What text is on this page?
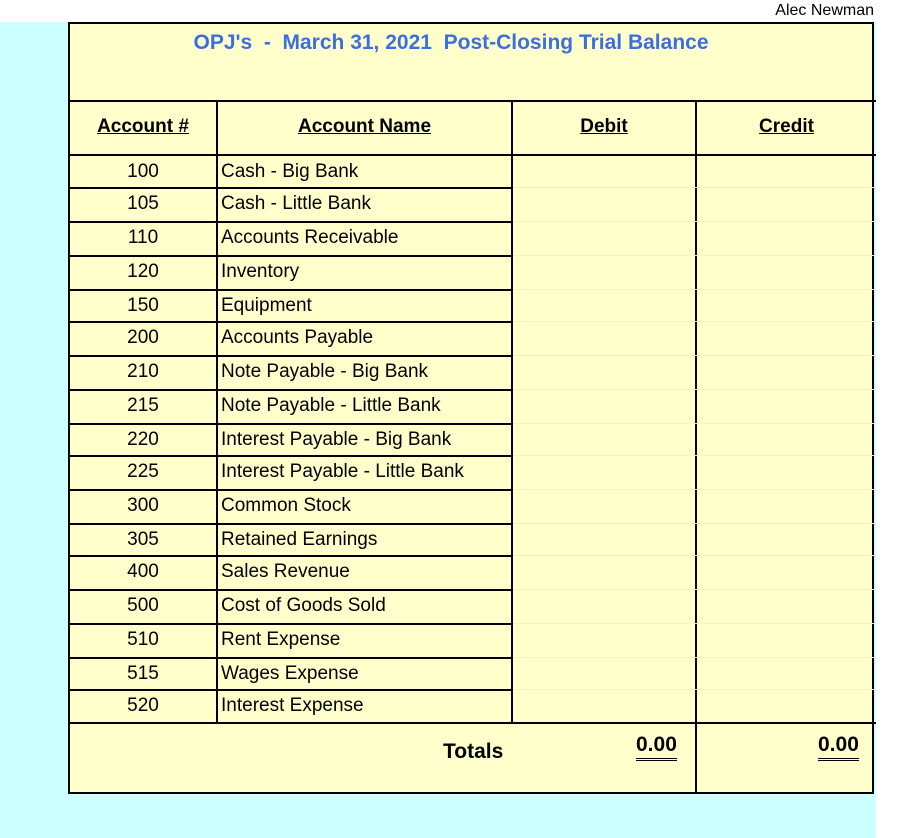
Alec Newman
OPJ's  -  March 31, 2021  Post-Closing Trial Balance
Account #	Account Name	Debit	Credit
100	Cash - Big Bank
105	Cash - Little Bank
110	Accounts Receivable
120	Inventory
150	Equipment
200	Accounts Payable
210	Note Payable - Big Bank
215	Note Payable - Little Bank
220	Interest Payable - Big Bank
225	Interest Payable - Little Bank
300	Common Stock
305	Retained Earnings
400	Sales Revenue
500	Cost of Goods Sold
510	Rent Expense
515	Wages Expense
520	Interest Expense
Totals	0.00	0.00
